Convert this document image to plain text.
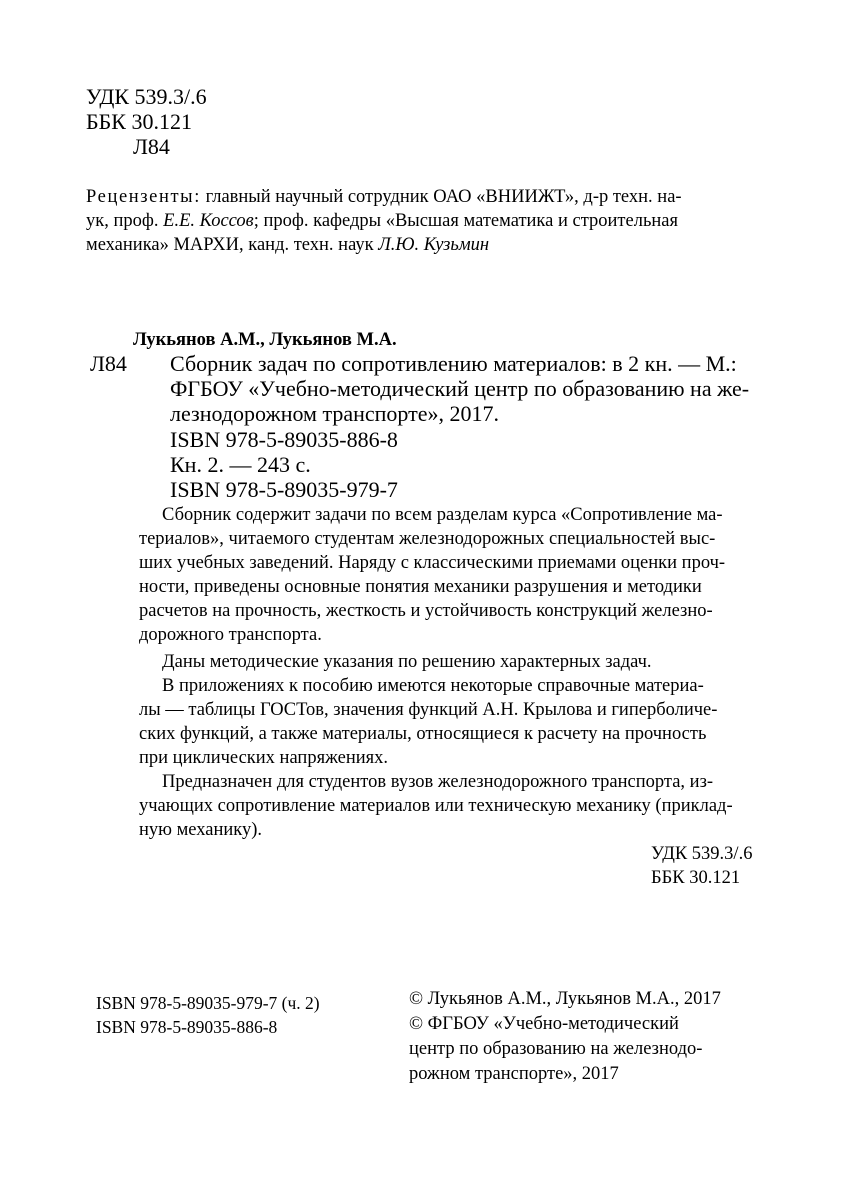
УДК 539.3/.6
ББК 30.121
Л84
Рецензенты: главный научный сотрудник ОАО «ВНИИЖТ», д-р техн. на-
ук, проф. Е.Е. Коссов; проф. кафедры «Высшая математика и строительная
механика» МАРХИ, канд. техн. наук Л.Ю. Кузьмин
Лукьянов А.М., Лукьянов М.А.
Л84 Сборник задач по сопротивлению материалов: в 2 кн. — М.:
ФГБОУ «Учебно-методический центр по образованию на же-
лезнодорожном транспорте», 2017.
ISBN 978-5-89035-886-8
Кн. 2. — 243 с.
ISBN 978-5-89035-979-7
Сборник содержит задачи по всем разделам курса «Сопротивление ма-
териалов», читаемого студентам железнодорожных специальностей выс-
ших учебных заведений. Наряду с классическими приемами оценки проч-
ности, приведены основные понятия механики разрушения и методики
расчетов на прочность, жесткость и устойчивость конструкций железно-
дорожного транспорта.
Даны методические указания по решению характерных задач.
В приложениях к пособию имеются некоторые справочные материа-
лы — таблицы ГОСТов, значения функций А.Н. Крылова и гиперболиче-
ских функций, а также материалы, относящиеся к расчету на прочность
при циклических напряжениях.
Предназначен для студентов вузов железнодорожного транспорта, из-
учающих сопротивление материалов или техническую механику (приклад-
ную механику).
УДК 539.3/.6
ББК 30.121
ISBN 978-5-89035-979-7 (ч. 2)
ISBN 978-5-89035-886-8
© Лукьянов А.М., Лукьянов М.А., 2017
© ФГБОУ «Учебно-методический
центр по образованию на железнодо-
рожном транспорте», 2017
